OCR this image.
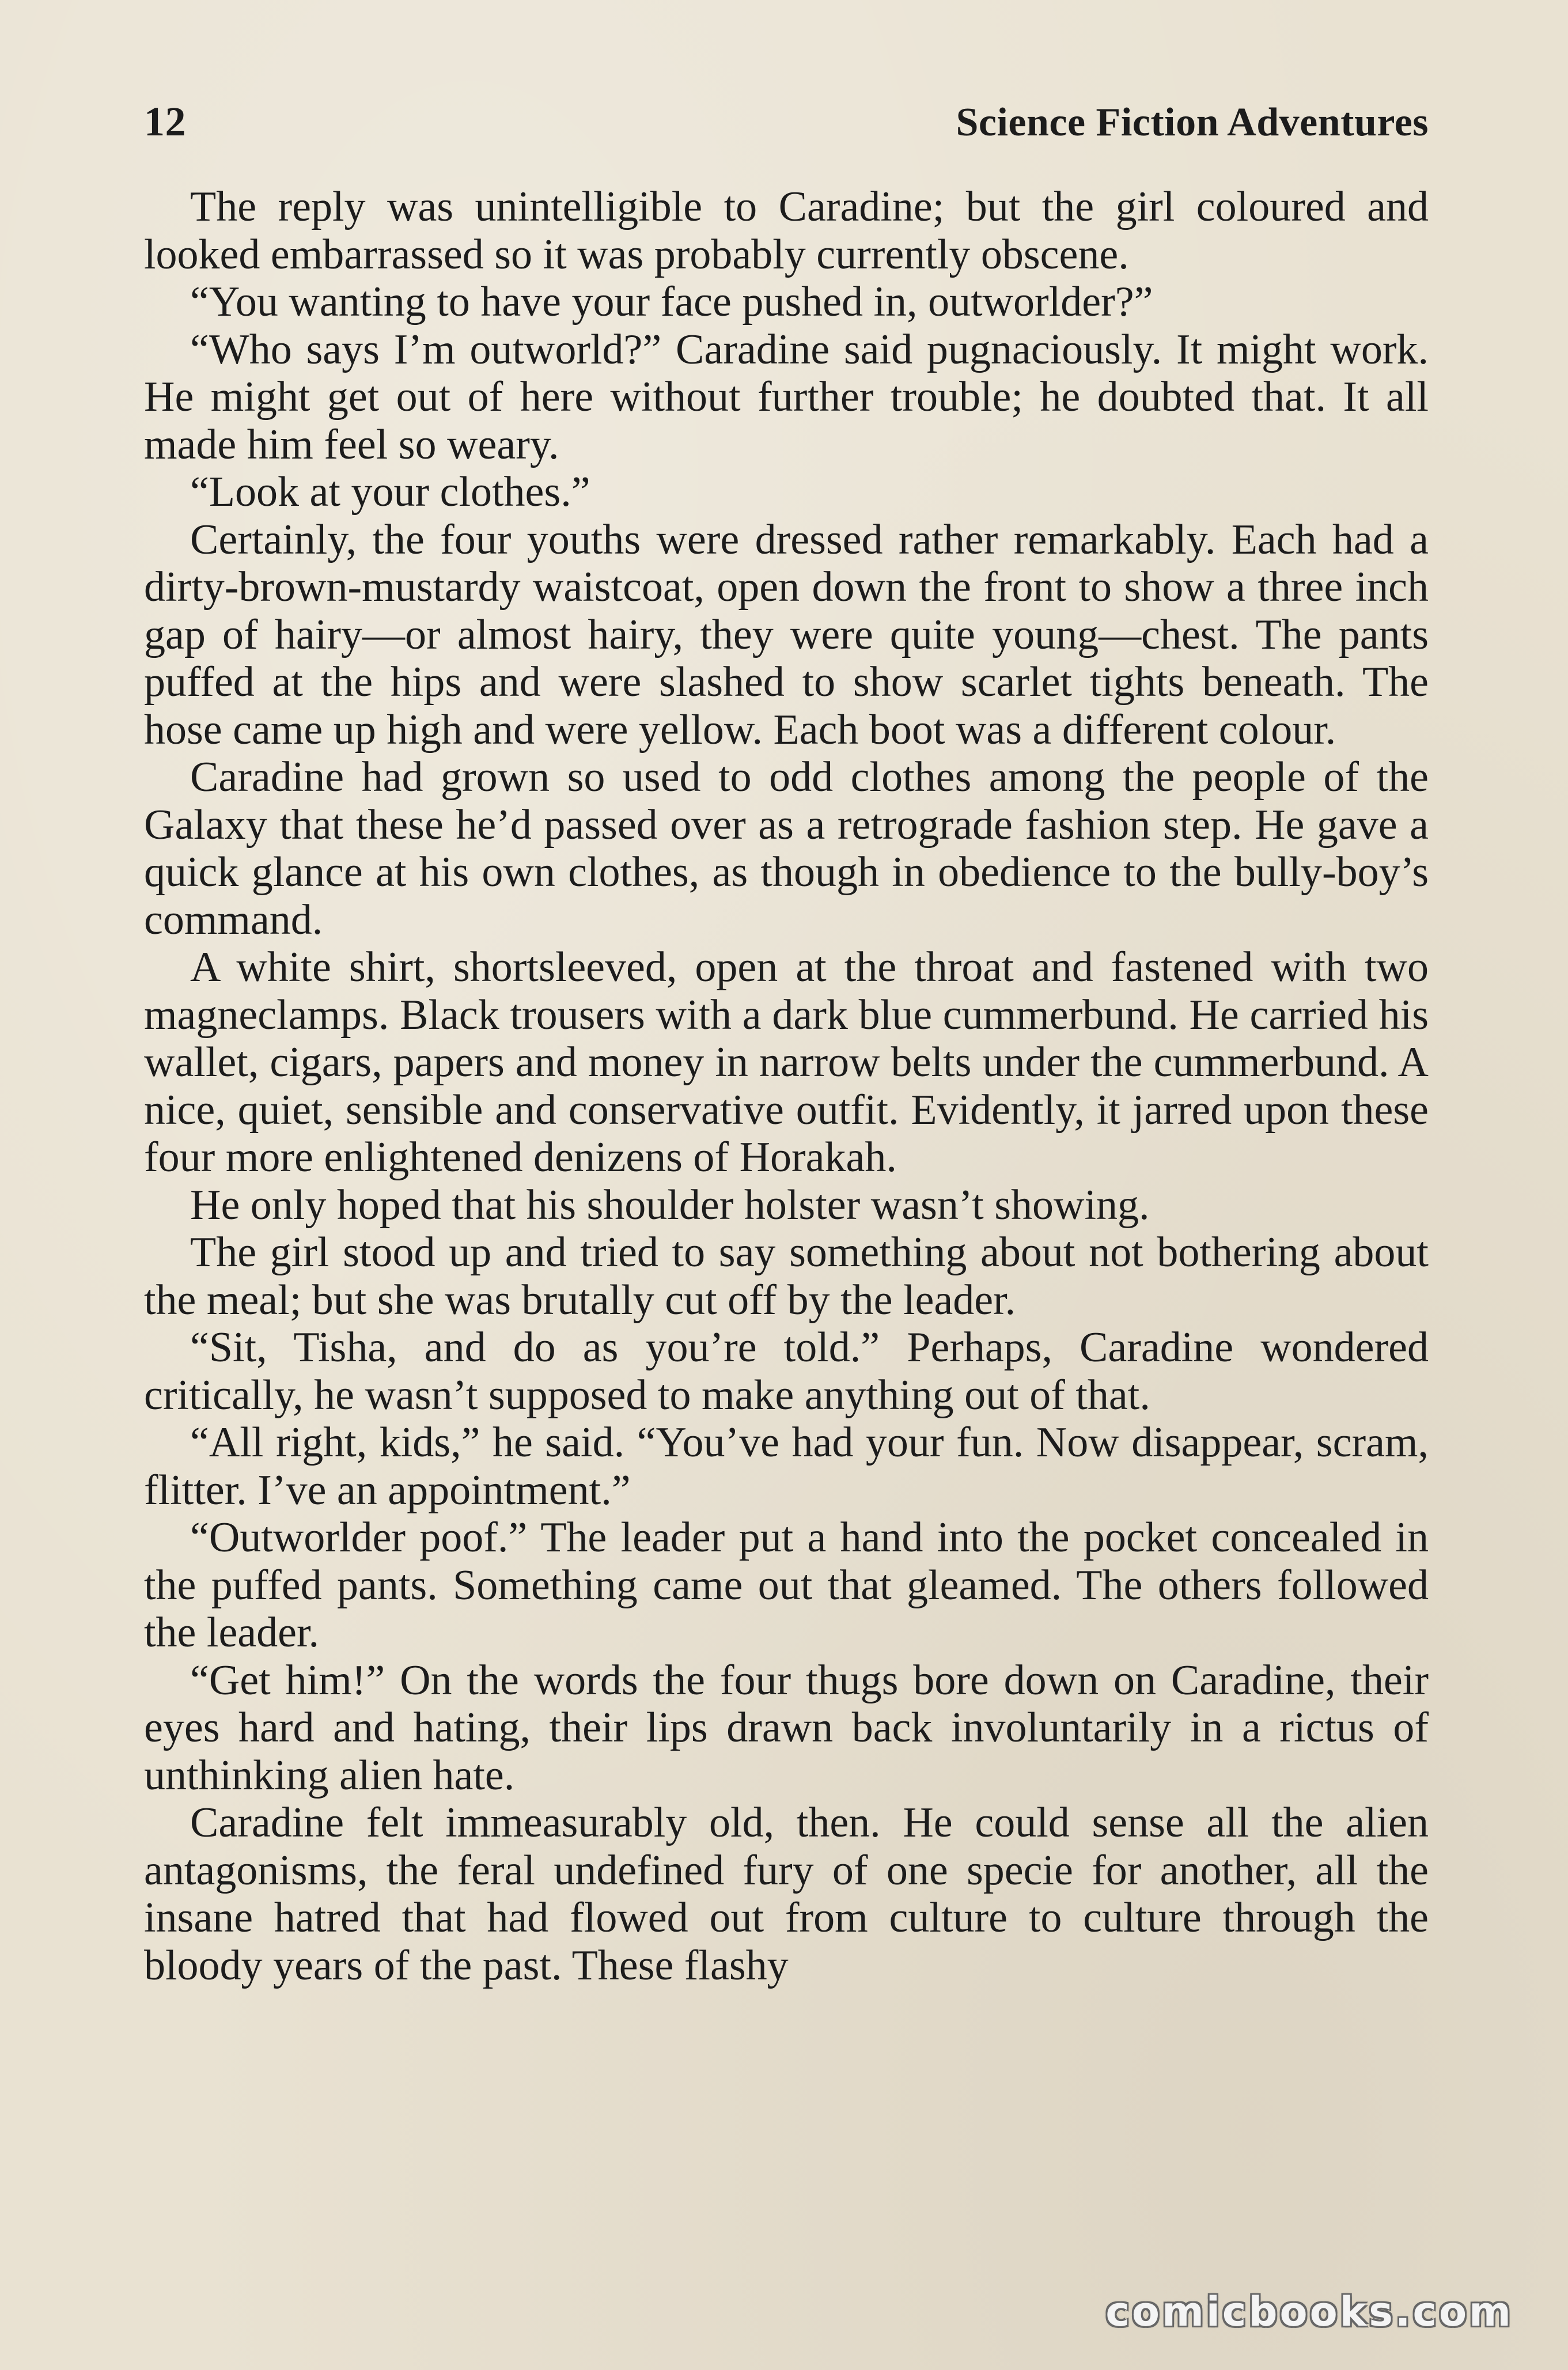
12	Science Fiction Adventures

The reply was unintelligible to Caradine; but the girl coloured and looked embarrassed so it was probably currently obscene.

“You wanting to have your face pushed in, outworlder?”

“Who says I’m outworld?” Caradine said pugnaciously. It might work. He might get out of here without further trouble; he doubted that. It all made him feel so weary.

“Look at your clothes.”

Certainly, the four youths were dressed rather remarkably. Each had a dirty-brown-mustardy waistcoat, open down the front to show a three inch gap of hairy—or almost hairy, they were quite young—chest. The pants puffed at the hips and were slashed to show scarlet tights beneath. The hose came up high and were yellow. Each boot was a different colour.

Caradine had grown so used to odd clothes among the people of the Galaxy that these he’d passed over as a retrograde fashion step. He gave a quick glance at his own clothes, as though in obedience to the bully-boy’s command.

A white shirt, shortsleeved, open at the throat and fastened with two magneclamps. Black trousers with a dark blue cummerbund. He carried his wallet, cigars, papers and money in narrow belts under the cummerbund. A nice, quiet, sensible and conservative outfit. Evidently, it jarred upon these four more enlightened denizens of Horakah.

He only hoped that his shoulder holster wasn’t showing.

The girl stood up and tried to say something about not bothering about the meal; but she was brutally cut off by the leader.

“Sit, Tisha, and do as you’re told.” Perhaps, Caradine wondered critically, he wasn’t supposed to make anything out of that.

“All right, kids,” he said. “You’ve had your fun. Now disappear, scram, flitter. I’ve an appointment.”

“Outworlder poof.” The leader put a hand into the pocket concealed in the puffed pants. Something came out that gleamed. The others followed the leader.

“Get him!” On the words the four thugs bore down on Caradine, their eyes hard and hating, their lips drawn back involuntarily in a rictus of unthinking alien hate.

Caradine felt immeasurably old, then. He could sense all the alien antagonisms, the feral undefined fury of one specie for another, all the insane hatred that had flowed out from culture to culture through the bloody years of the past. These flashy

comicbooks.com
